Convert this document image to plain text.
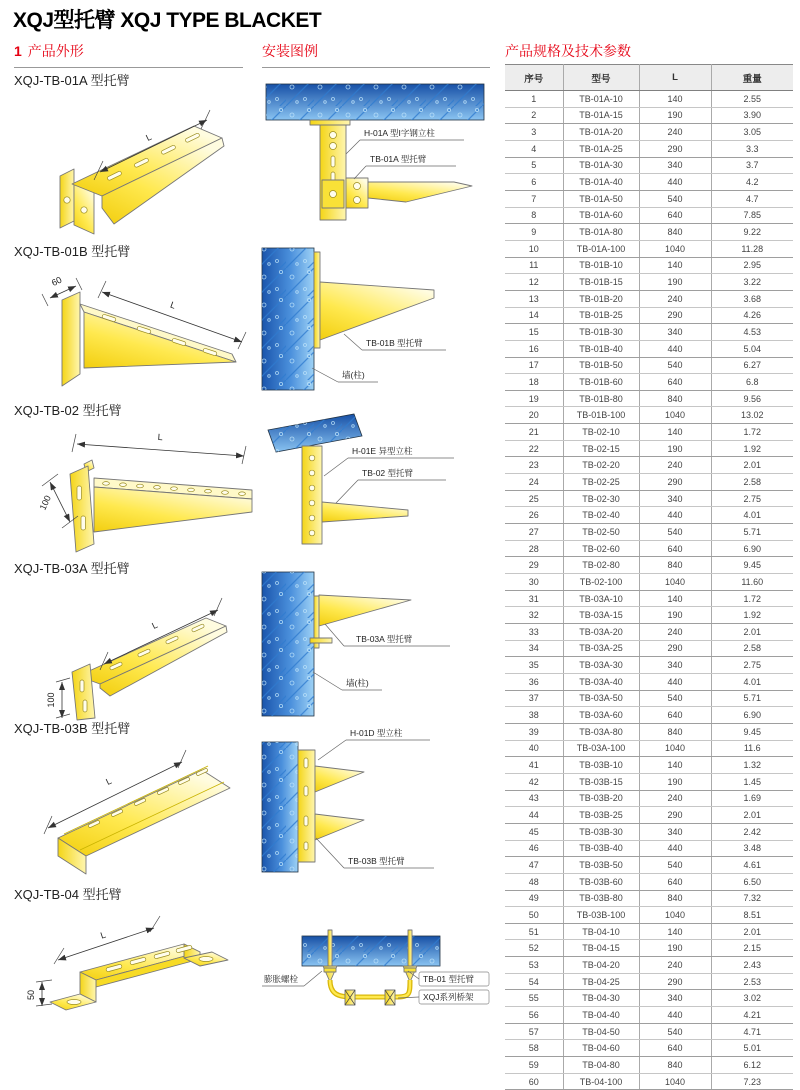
XQJ型托臂 XQJ TYPE BLACKET
1 产品外形	安装图例	产品规格及技术参数
XQJ-TB-01A 型托臂
L
XQJ-TB-01B 型托臂
60
L
XQJ-TB-02 型托臂
L
100
XQJ-TB-03A 型托臂
L
100
XQJ-TB-03B 型托臂
L
XQJ-TB-04 型托臂
L
50
H-01A 型I字钢立柱
TB-01A 型托臂
TB-01B 型托臂
墙(柱)
H-01E 异型立柱
TB-02 型托臂
TB-03A 型托臂
墙(柱)
H-01D 型立柱
TB-03B 型托臂
膨胀螺栓	TB-01 型托臂
XQJ系列桥架
序号	型号	L	重量
1	TB-01A-10	140	2.55
2	TB-01A-15	190	3.90
3	TB-01A-20	240	3.05
4	TB-01A-25	290	3.3
5	TB-01A-30	340	3.7
6	TB-01A-40	440	4.2
7	TB-01A-50	540	4.7
8	TB-01A-60	640	7.85
9	TB-01A-80	840	9.22
10	TB-01A-100	1040	11.28
11	TB-01B-10	140	2.95
12	TB-01B-15	190	3.22
13	TB-01B-20	240	3.68
14	TB-01B-25	290	4.26
15	TB-01B-30	340	4.53
16	TB-01B-40	440	5.04
17	TB-01B-50	540	6.27
18	TB-01B-60	640	6.8
19	TB-01B-80	840	9.56
20	TB-01B-100	1040	13.02
21	TB-02-10	140	1.72
22	TB-02-15	190	1.92
23	TB-02-20	240	2.01
24	TB-02-25	290	2.58
25	TB-02-30	340	2.75
26	TB-02-40	440	4.01
27	TB-02-50	540	5.71
28	TB-02-60	640	6.90
29	TB-02-80	840	9.45
30	TB-02-100	1040	11.60
31	TB-03A-10	140	1.72
32	TB-03A-15	190	1.92
33	TB-03A-20	240	2.01
34	TB-03A-25	290	2.58
35	TB-03A-30	340	2.75
36	TB-03A-40	440	4.01
37	TB-03A-50	540	5.71
38	TB-03A-60	640	6.90
39	TB-03A-80	840	9.45
40	TB-03A-100	1040	11.6
41	TB-03B-10	140	1.32
42	TB-03B-15	190	1.45
43	TB-03B-20	240	1.69
44	TB-03B-25	290	2.01
45	TB-03B-30	340	2.42
46	TB-03B-40	440	3.48
47	TB-03B-50	540	4.61
48	TB-03B-60	640	6.50
49	TB-03B-80	840	7.32
50	TB-03B-100	1040	8.51
51	TB-04-10	140	2.01
52	TB-04-15	190	2.15
53	TB-04-20	240	2.43
54	TB-04-25	290	2.53
55	TB-04-30	340	3.02
56	TB-04-40	440	4.21
57	TB-04-50	540	4.71
58	TB-04-60	640	5.01
59	TB-04-80	840	6.12
60	TB-04-100	1040	7.23
